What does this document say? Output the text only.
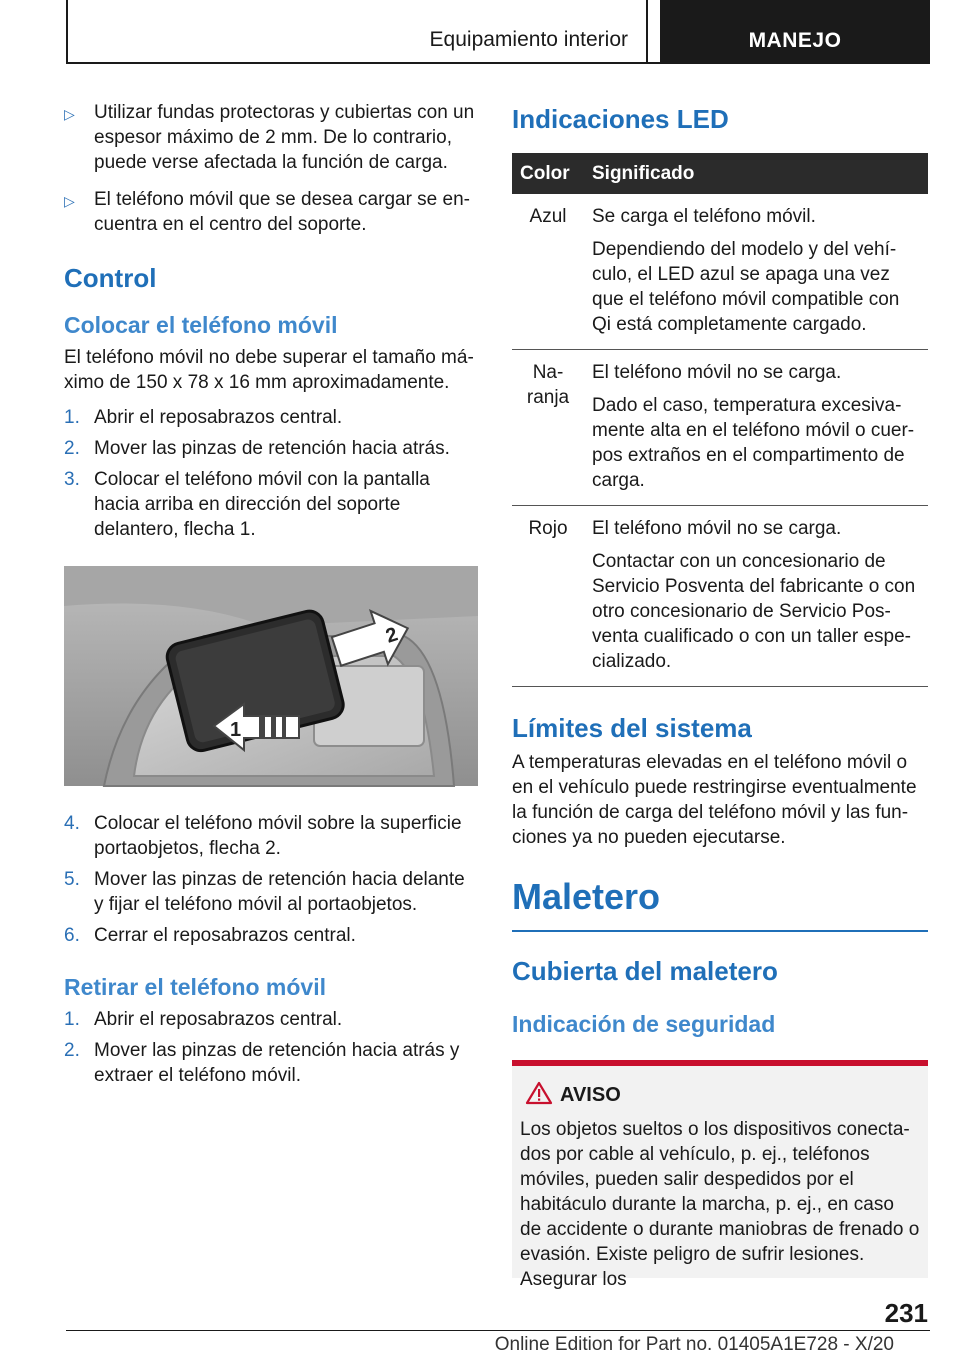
Equipamiento interior	MANEJO
▷ Utilizar fundas protectoras y cubiertas con un espesor máximo de 2 mm. De lo contrario, puede verse afectada la función de carga.
▷ El teléfono móvil que se desea cargar se encuentra en el centro del soporte.
Control
Colocar el teléfono móvil

El teléfono móvil no debe superar el tamaño máximo de 150 x 78 x 16 mm aproximadamente.

1. Abrir el reposabrazos central.
2. Mover las pinzas de retención hacia atrás.
3. Colocar el teléfono móvil con la pantalla hacia arriba en dirección del soporte delantero, flecha 1.
2
1
4. Colocar el teléfono móvil sobre la superficie portaobjetos, flecha 2.
5. Mover las pinzas de retención hacia delante y fijar el teléfono móvil al portaobjetos.
6. Cerrar el reposabrazos central.
Retirar el teléfono móvil
1. Abrir el reposabrazos central.
2. Mover las pinzas de retención hacia atrás y extraer el teléfono móvil.
Indicaciones LED
Color	Significado
Azul	Se carga el teléfono móvil.

Dependiendo del modelo y del vehículo, el LED azul se apaga una vez que el teléfono móvil compatible con Qi está completamente cargado.

Naranja	El teléfono móvil no se carga.

Dado el caso, temperatura excesivamente alta en el teléfono móvil o cuerpos extraños en el compartimento de carga.

Rojo	El teléfono móvil no se carga.

Contactar con un concesionario de Servicio Posventa del fabricante o con otro concesionario de Servicio Posventa cualificado o con un taller especializado.

Límites del sistema

A temperaturas elevadas en el teléfono móvil o en el vehículo puede restringirse eventualmente la función de carga del teléfono móvil y las funciones ya no pueden ejecutarse.

Maletero
Cubierta del maletero
Indicación de seguridad
AVISO

Los objetos sueltos o los dispositivos conectados por cable al vehículo, p. ej., teléfonos móviles, pueden salir despedidos por el habitáculo durante la marcha, p. ej., en caso de accidente o durante maniobras de frenado o evasión. Existe peligro de sufrir lesiones. Asegurar los

231
Online Edition for Part no. 01405A1E728 - X/20
